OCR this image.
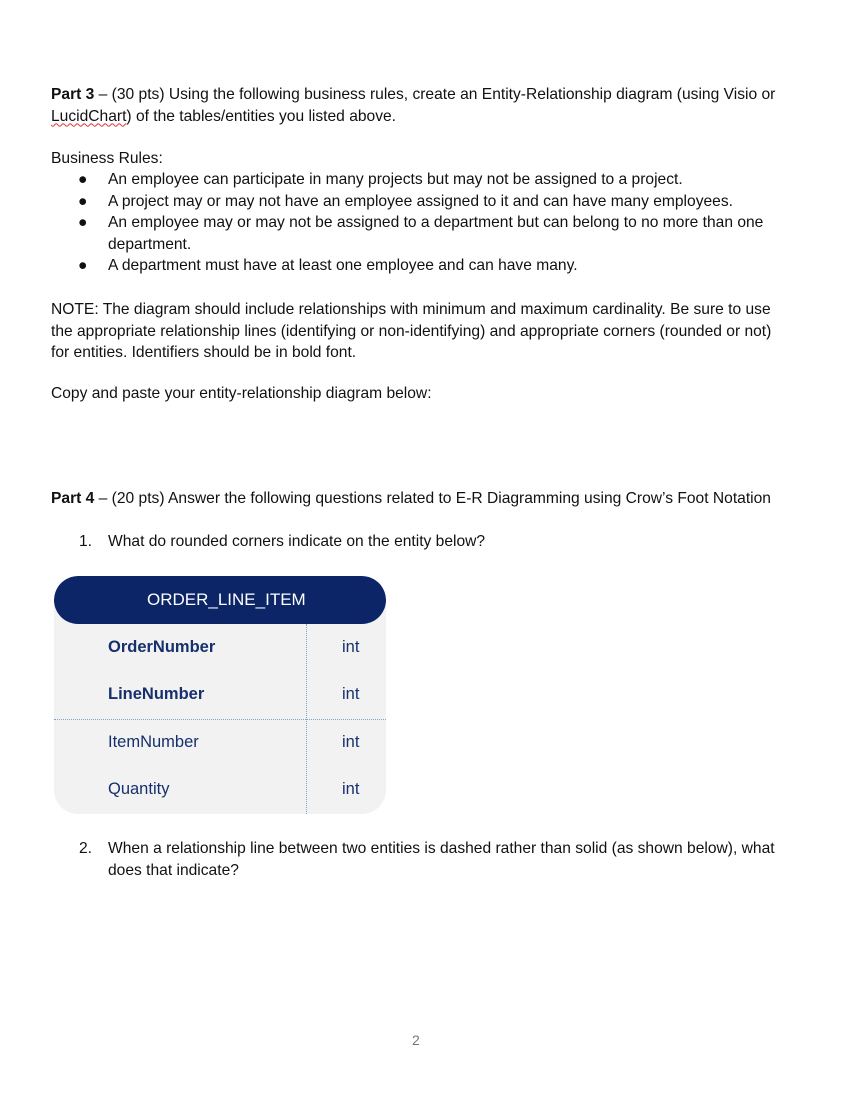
Part 3 – (30 pts) Using the following business rules, create an Entity-Relationship diagram (using Visio or LucidChart) of the tables/entities you listed above.

Business Rules:

● An employee can participate in many projects but may not be assigned to a project.
● A project may or may not have an employee assigned to it and can have many employees.
● An employee may or may not be assigned to a department but can belong to no more than one department.
● A department must have at least one employee and can have many.

NOTE: The diagram should include relationships with minimum and maximum cardinality. Be sure to use the appropriate relationship lines (identifying or non-identifying) and appropriate corners (rounded or not) for entities. Identifiers should be in bold font.

Copy and paste your entity-relationship diagram below:

Part 4 – (20 pts) Answer the following questions related to E-R Diagramming using Crow’s Foot Notation

1. What do rounded corners indicate on the entity below?
ORDER_LINE_ITEM
OrderNumber	int
LineNumber	int
ItemNumber	int
Quantity	int
2. When a relationship line between two entities is dashed rather than solid (as shown below), what does that indicate?
2
